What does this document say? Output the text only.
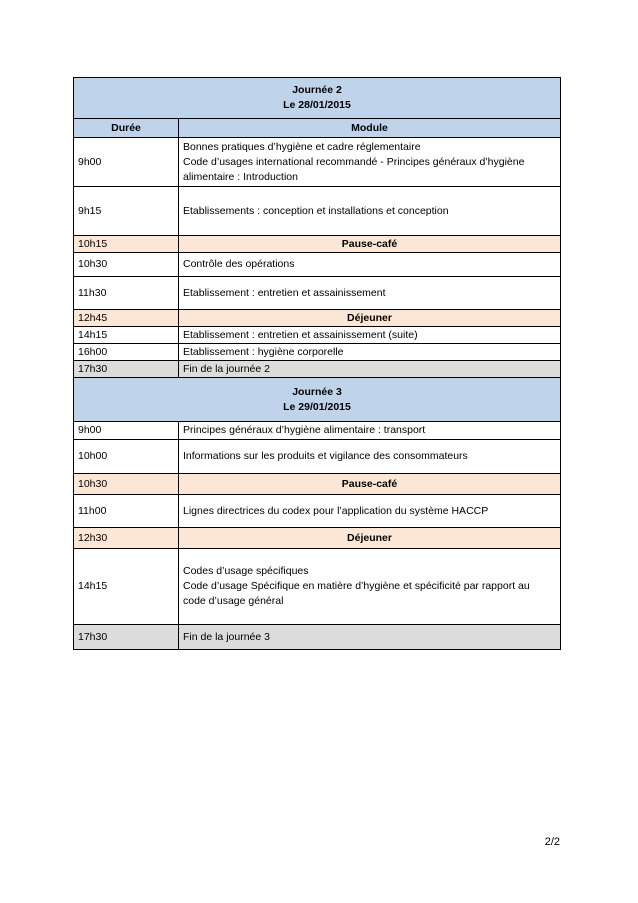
Journée 2
Le 28/01/2015	

Durée	Module
9h00	Bonnes pratiques d’hygiène et cadre réglementaire
Code d’usages international recommandé - Principes généraux d’hygiène
alimentaire : Introduction

9h15	Etablissements : conception et installations et conception
10h15	Pause-café
10h30	Contrôle des opérations
11h30	Etablissement : entretien et assainissement
12h45	Déjeuner
14h15	Etablissement : entretien et assainissement (suite)
16h00	Etablissement : hygiène corporelle
17h30	Fin de la journée 2

Journée 3
Le 29/01/2015	

9h00	Principes généraux d’hygiène alimentaire : transport
10h00	Informations sur les produits et vigilance des consommateurs
10h30	Pause-café
11h00	Lignes directrices du codex pour l’application du système HACCP
12h30	Déjeuner
14h15	Codes d’usage spécifiques
Code d’usage Spécifique en matière d’hygiène et spécificité par rapport au
code d’usage général

17h30	Fin de la journée 3
2/2
